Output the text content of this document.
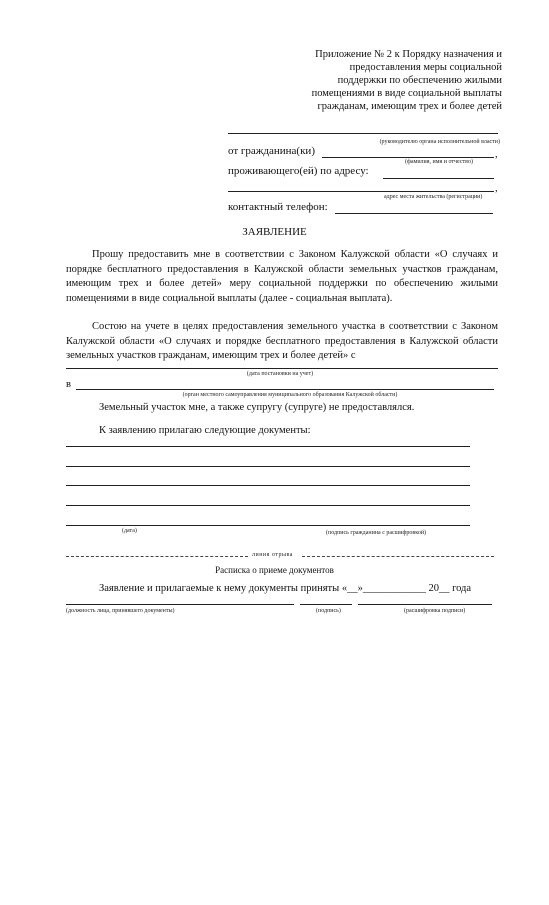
Приложение № 2 к Порядку назначения и
предоставления меры социальной
поддержки по обеспечению жилыми
помещениями в виде социальной выплаты
гражданам, имеющим трех и более детей
(руководителю органа исполнительной власти)
от гражданина(ки)	,
(фамилия, имя и отчество)
проживающего(ей) по адресу:
,
адрес места жительства (регистрации)
контактный телефон:
ЗАЯВЛЕНИЕ
Прошу предоставить мне в соответствии с Законом Калужской области «О случаях и порядке бесплатного предоставления в Калужской области земельных участков гражданам, имеющим трех и более детей» меру социальной поддержки по обеспечению жилыми помещениями в виде социальной выплаты (далее - социальная выплата).
Состою на учете в целях предоставления земельного участка в соответствии с Законом Калужской области «О случаях и порядке бесплатного предоставления в Калужской области земельных участков гражданам, имеющим трех и более детей» с
(дата постановки на учет)
в
(орган местного самоуправления муниципального образования Калужской области)
Земельный участок мне, а также супругу (супруге) не предоставлялся.
К заявлению прилагаю следующие документы:
(дата)	(подпись гражданина с расшифровкой)
линия отрыва
Расписка о приеме документов
Заявление и прилагаемые к нему документы приняты «__»____________ 20__ года
(должность лица, принявшего документы)	(подпись)	(расшифровка подписи)
